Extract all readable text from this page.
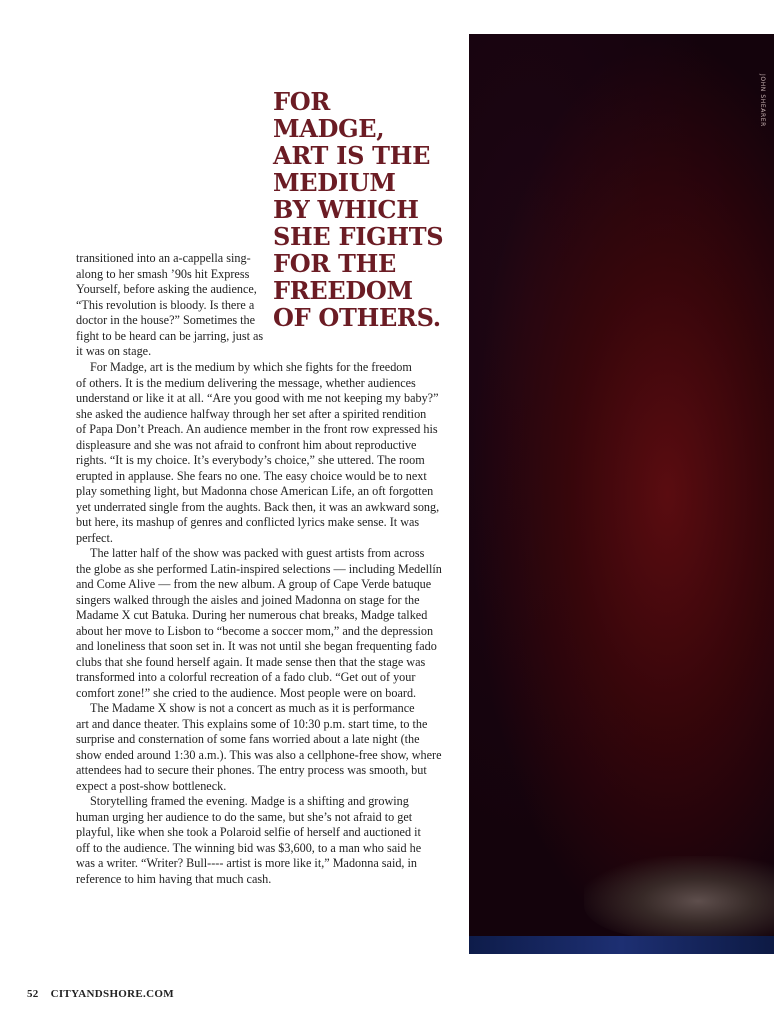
FOR
MADGE,
ART IS THE
MEDIUM
BY WHICH
SHE FIGHTS
FOR THE
FREEDOM
OF OTHERS.
transitioned into an a-cappella sing-
along to her smash ’90s hit Express
Yourself, before asking the audience,
“This revolution is bloody. Is there a
doctor in the house?” Sometimes the
fight to be heard can be jarring, just as
it was on stage.
For Madge, art is the medium by which she fights for the freedom
of others. It is the medium delivering the message, whether audiences
understand or like it at all. “Are you good with me not keeping my baby?”
she asked the audience halfway through her set after a spirited rendition
of Papa Don’t Preach. An audience member in the front row expressed his
displeasure and she was not afraid to confront him about reproductive
rights. “It is my choice. It’s everybody’s choice,” she uttered. The room
erupted in applause. She fears no one. The easy choice would be to next
play something light, but Madonna chose American Life, an oft forgotten
yet underrated single from the aughts. Back then, it was an awkward song,
but here, its mashup of genres and conflicted lyrics make sense. It was
perfect.
The latter half of the show was packed with guest artists from across
the globe as she performed Latin-inspired selections — including Medellín
and Come Alive — from the new album. A group of Cape Verde batuque
singers walked through the aisles and joined Madonna on stage for the
Madame X cut Batuka. During her numerous chat breaks, Madge talked
about her move to Lisbon to “become a soccer mom,” and the depression
and loneliness that soon set in. It was not until she began frequenting fado
clubs that she found herself again. It made sense then that the stage was
transformed into a colorful recreation of a fado club. “Get out of your
comfort zone!” she cried to the audience. Most people were on board.
The Madame X show is not a concert as much as it is performance
art and dance theater. This explains some of 10:30 p.m. start time, to the
surprise and consternation of some fans worried about a late night (the
show ended around 1:30 a.m.). This was also a cellphone-free show, where
attendees had to secure their phones. The entry process was smooth, but
expect a post-show bottleneck.
Storytelling framed the evening. Madge is a shifting and growing
human urging her audience to do the same, but she’s not afraid to get
playful, like when she took a Polaroid selfie of herself and auctioned it
off to the audience. The winning bid was $3,600, to a man who said he
was a writer. “Writer? Bull---- artist is more like it,” Madonna said, in
reference to him having that much cash.
JOHN SHEARER
52 CITYANDSHORE.COM
